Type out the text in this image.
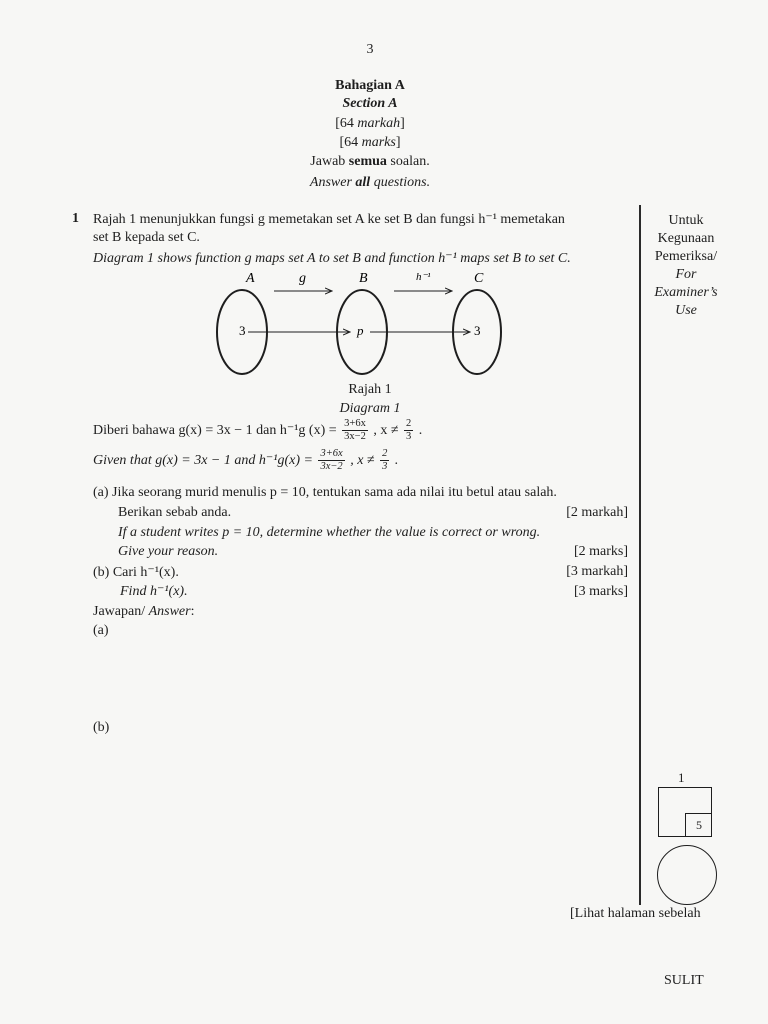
3
Bahagian A
Section A
[64 markah]
[64 marks]
Jawab semua soalan.
Answer all questions.
Untuk
Kegunaan
Pemeriksa/
For
Examiner’s
Use
1 Rajah 1 menunjukkan fungsi g memetakan set A ke set B dan fungsi h⁻¹ memetakan
set B kepada set C.
Diagram 1 shows function g maps set A to set B and function h⁻¹ maps set B to set C.
A	g	B	h⁻¹	C
3	p	3
Rajah 1
Diagram 1
Diberi bahawa g(x) = 3x − 1 dan h⁻¹g $(x) = \frac{3+6x}{3x-2}$ , $x \ne \frac{2}{3}$ .
Given that g(x) = 3x − 1 and $h^{-1}g(x) = \frac{3+6x}{3x-2}$ , $x \ne \frac{2}{3}$ .
(a) Jika seorang murid menulis p = 10, tentukan sama ada nilai itu betul atau salah.
Berikan sebab anda.	[2 markah]
If a student writes p = 10, determine whether the value is correct or wrong.
Give your reason.	[2 marks]
(b) Cari h⁻¹(x).	[3 markah]
Find h⁻¹(x).	[3 marks]
Jawapan/ Answer:
(a)
(b)
1
5
[Lihat halaman sebelah
SULIT
